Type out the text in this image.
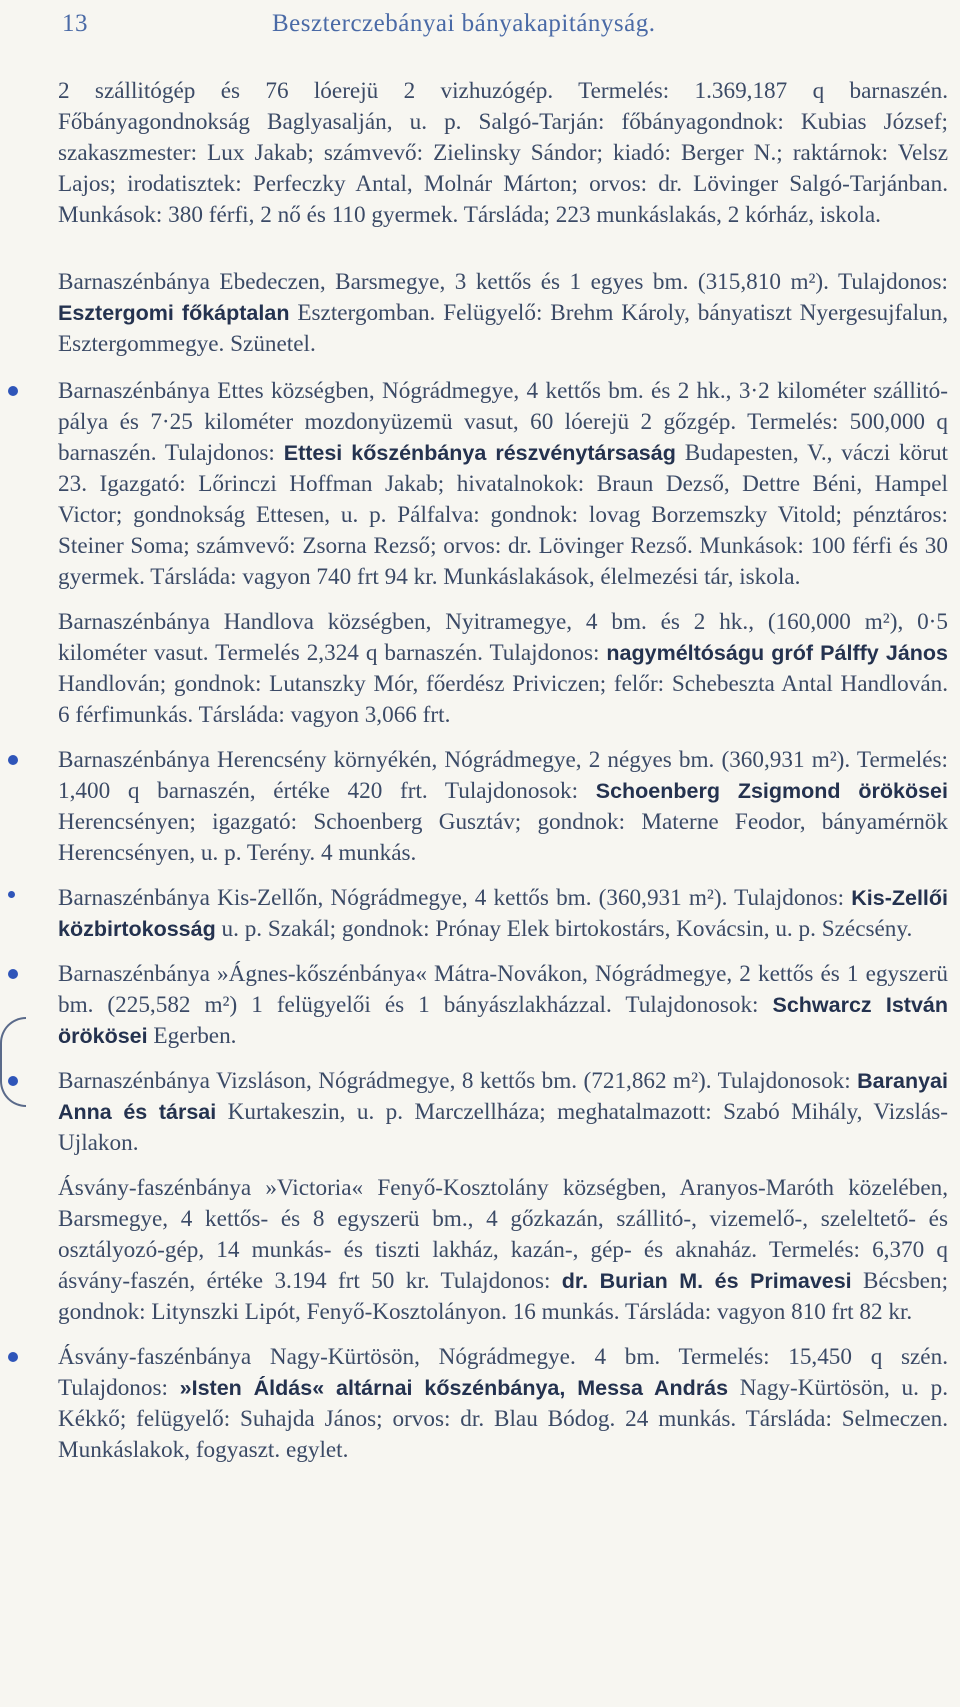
13	Beszterczebányai bányakapitányság.

2 szállitógép és 76 lóerejü 2 vizhuzógép. Termelés: 1.369,187 q barnaszén. Főbányagondnokság Baglyasalján, u. p. Salgó-Tarján: főbányagondnok: Kubias József; szakaszmester: Lux Jakab; számvevő: Zielinsky Sándor; kiadó: Berger N.; raktárnok: Velsz Lajos; irodatisztek: Perfeczky Antal, Molnár Márton; orvos: dr. Lövinger Salgó-Tarjánban. Munkások: 380 férfi, 2 nő és 110 gyermek. Társláda; 223 munkáslakás, 2 kórház, iskola.

Barnaszénbánya Ebedeczen, Barsmegye, 3 kettős és 1 egyes bm. (315,810 m²). Tulajdonos: Esztergomi főkáptalan Esztergomban. Felügyelő: Brehm Károly, bányatiszt Nyergesujfalun, Esztergommegye. Szünetel.

Barnaszénbánya Ettes községben, Nógrádmegye, 4 kettős bm. és 2 hk., 3·2 kilométer szállitó-pálya és 7·25 kilométer mozdonyüzemü vasut, 60 lóerejü 2 gőzgép. Termelés: 500,000 q barnaszén. Tulajdonos: Ettesi kőszénbánya részvénytársaság Budapesten, V., váczi körut 23. Igazgató: Lőrinczi Hoffman Jakab; hivatalnokok: Braun Dezső, Dettre Béni, Hampel Victor; gondnokság Ettesen, u. p. Pálfalva: gondnok: lovag Borzemszky Vitold; pénztáros: Steiner Soma; számvevő: Zsorna Rezső; orvos: dr. Lövinger Rezső. Munkások: 100 férfi és 30 gyermek. Társláda: vagyon 740 frt 94 kr. Munkáslakások, élelmezési tár, iskola.

Barnaszénbánya Handlova községben, Nyitramegye, 4 bm. és 2 hk., (160,000 m²), 0·5 kilométer vasut. Termelés 2,324 q barnaszén. Tulajdonos: nagyméltóságu gróf Pálffy János Handlován; gondnok: Lutanszky Mór, főerdész Priviczen; felőr: Schebeszta Antal Handlován. 6 férfimunkás. Társláda: vagyon 3,066 frt.

Barnaszénbánya Herencsény környékén, Nógrádmegye, 2 négyes bm. (360,931 m²). Termelés: 1,400 q barnaszén, értéke 420 frt. Tulajdonosok: Schoenberg Zsigmond örökösei Herencsényen; igazgató: Schoenberg Gusztáv; gondnok: Materne Feodor, bányamérnök Herencsényen, u. p. Terény. 4 munkás.

Barnaszénbánya Kis-Zellőn, Nógrádmegye, 4 kettős bm. (360,931 m²). Tulajdonos: Kis-Zellői közbirtokosság u. p. Szakál; gondnok: Prónay Elek birtokostárs, Kovácsin, u. p. Szécsény.

Barnaszénbánya »Ágnes-kőszénbánya« Mátra-Novákon, Nógrádmegye, 2 kettős és 1 egyszerü bm. (225,582 m²) 1 felügyelői és 1 bányászlakházzal. Tulajdonosok: Schwarcz István örökösei Egerben.

Barnaszénbánya Vizsláson, Nógrádmegye, 8 kettős bm. (721,862 m²). Tulajdonosok: Baranyai Anna és társai Kurtakeszin, u. p. Marczellháza; meghatalmazott: Szabó Mihály, Vizslás-Ujlakon.

Ásvány-faszénbánya »Victoria« Fenyő-Kosztolány községben, Aranyos-Maróth közelében, Barsmegye, 4 kettős- és 8 egyszerü bm., 4 gőzkazán, szállitó-, vizemelő-, szeleltető- és osztályozó-gép, 14 munkás- és tiszti lakház, kazán-, gép- és aknaház. Termelés: 6,370 q ásvány-faszén, értéke 3.194 frt 50 kr. Tulajdonos: dr. Burian M. és Primavesi Bécsben; gondnok: Litynszki Lipót, Fenyő-Kosztolányon. 16 munkás. Társláda: vagyon 810 frt 82 kr.

Ásvány-faszénbánya Nagy-Kürtösön, Nógrádmegye. 4 bm. Termelés: 15,450 q szén. Tulajdonos: »Isten Áldás« altárnai kőszénbánya, Messa András Nagy-Kürtösön, u. p. Kékkő; felügyelő: Suhajda János; orvos: dr. Blau Bódog. 24 munkás. Társláda: Selmeczen. Munkáslakok, fogyaszt. egylet.
